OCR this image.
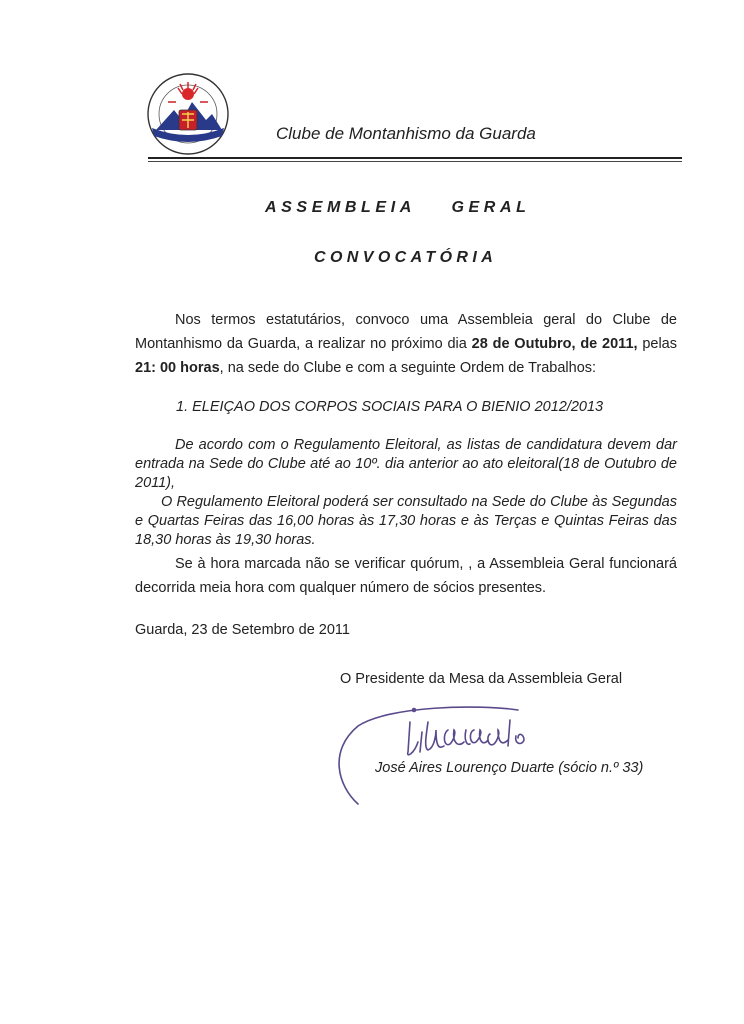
Clube de Montanhismo da Guarda
ASSEMBLEIA    GERAL
CONVOCATÓRIA
Nos termos estatutários, convoco uma Assembleia geral do Clube de Montanhismo da Guarda, a realizar no próximo dia 28 de Outubro, de 2011, pelas 21: 00 horas, na sede do Clube e com a seguinte Ordem de Trabalhos:
1. ELEIÇAO DOS CORPOS SOCIAIS PARA O BIENIO 2012/2013
De acordo com o Regulamento Eleitoral, as listas de candidatura devem dar entrada na Sede do Clube até ao 10º. dia anterior ao ato eleitoral(18 de Outubro de 2011),
O Regulamento Eleitoral poderá ser consultado na Sede do Clube às Segundas e Quartas Feiras das 16,00 horas às 17,30 horas e às Terças e Quintas Feiras das 18,30 horas às 19,30 horas.
Se à hora marcada não se verificar quórum, , a Assembleia Geral funcionará decorrida meia hora com qualquer número de sócios presentes.
Guarda, 23 de Setembro de 2011
O Presidente da Mesa da Assembleia Geral
José Aires Lourenço Duarte (sócio n.º 33)
